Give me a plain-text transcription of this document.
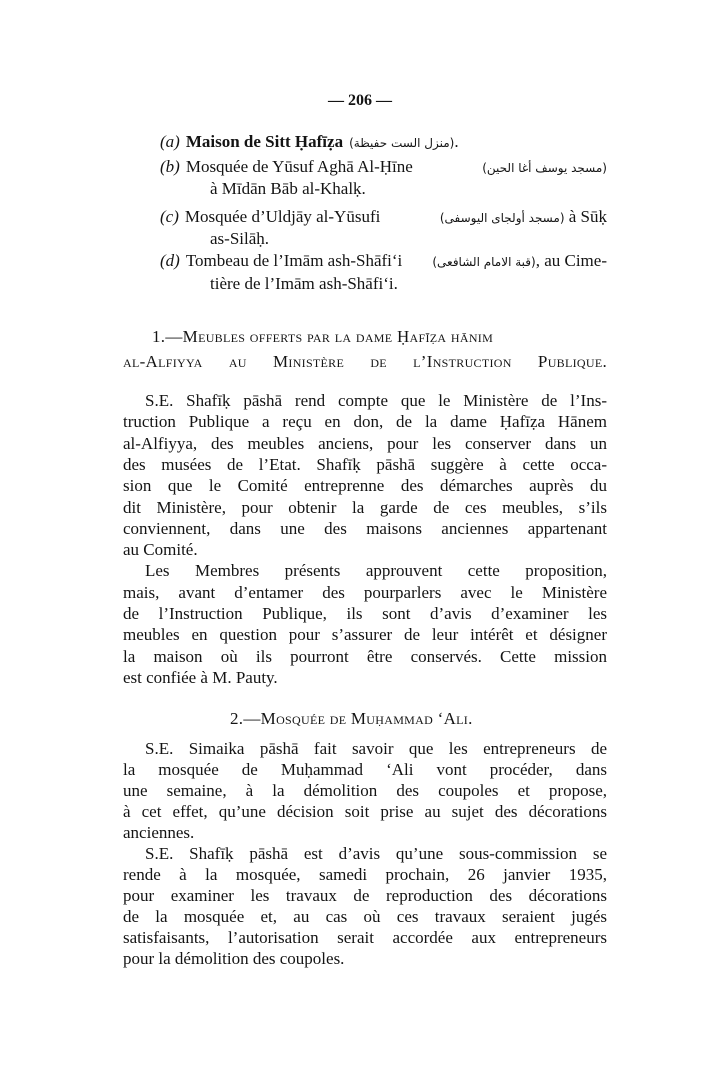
— 206 —
(a) Maison de Sitt Ḥafīẓa (منزل الست حفيظة).
(b) Mosquée de Yūsuf Aghā Al-Ḥīne	(مسجد يوسف أغا الحين)
à Mīdān Bāb al-Khalḳ.
(c) Mosquée d’Uldjāy al-Yūsufi	(مسجد أولجاى اليوسفى) à Sūḳ
as-Silāḥ.
(d) Tombeau de l’Imām ash-Shāfi‘i	(قبة الامام الشافعى), au Cime-
tière de l’Imām ash-Shāfi‘i.
1.—Meubles offerts par la dame Ḥafīẓa hānim
al-Alfiyya au Ministère de l’Instruction Publique.
S.E. Shafīḳ pāshā rend compte que le Ministère de l’Ins-
truction Publique a reçu en don, de la dame Ḥafīẓa Hānem
al-Alfiyya, des meubles anciens, pour les conserver dans un
des musées de l’Etat. Shafīḳ pāshā suggère à cette occa-
sion que le Comité entreprenne des démarches auprès du
dit Ministère, pour obtenir la garde de ces meubles, s’ils
conviennent, dans une des maisons anciennes appartenant
au Comité.
Les Membres présents approuvent cette proposition,
mais, avant d’entamer des pourparlers avec le Ministère
de l’Instruction Publique, ils sont d’avis d’examiner les
meubles en question pour s’assurer de leur intérêt et désigner
la maison où ils pourront être conservés. Cette mission
est confiée à M. Pauty.
2.—Mosquée de Muḥammad ‘Ali.
S.E. Simaika pāshā fait savoir que les entrepreneurs de
la mosquée de Muḥammad ‘Ali vont procéder, dans
une semaine, à la démolition des coupoles et propose,
à cet effet, qu’une décision soit prise au sujet des décorations
anciennes.
S.E. Shafīḳ pāshā est d’avis qu’une sous-commission se
rende à la mosquée, samedi prochain, 26 janvier 1935,
pour examiner les travaux de reproduction des décorations
de la mosquée et, au cas où ces travaux seraient jugés
satisfaisants, l’autorisation serait accordée aux entrepreneurs
pour la démolition des coupoles.
